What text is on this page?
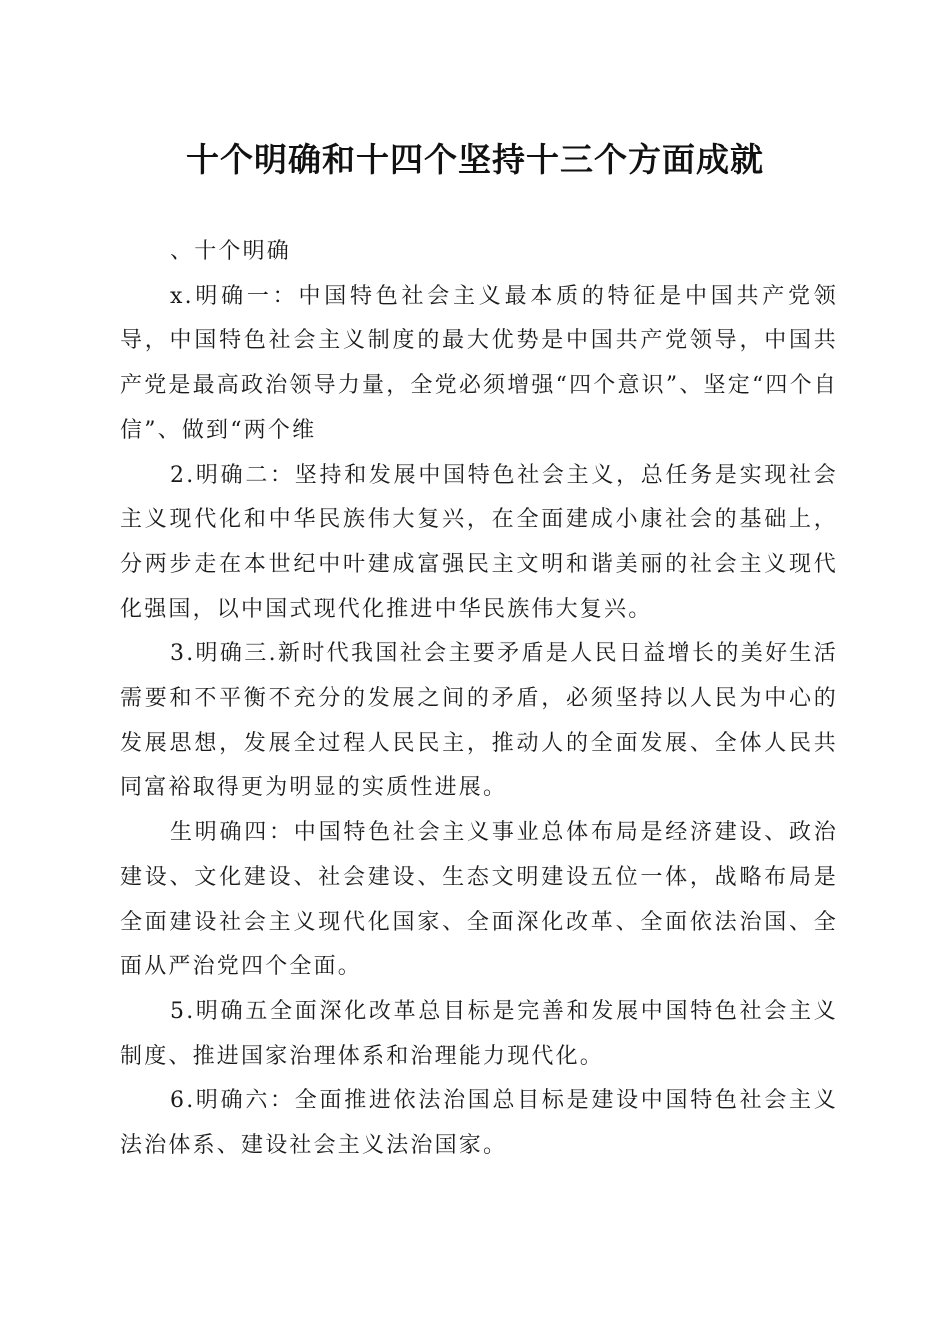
十个明确和十四个坚持十三个方面成就

、十个明确

x.明确一：中国特色社会主义最本质的特征是中国共产党领导，中国特色社会主义制度的最大优势是中国共产党领导，中国共产党是最高政治领导力量，全党必须增强“四个意识”、坚定“四个自信”、做到“两个维

2.明确二：坚持和发展中国特色社会主义，总任务是实现社会主义现代化和中华民族伟大复兴，在全面建成小康社会的基础上，分两步走在本世纪中叶建成富强民主文明和谐美丽的社会主义现代化强国，以中国式现代化推进中华民族伟大复兴。

3.明确三.新时代我国社会主要矛盾是人民日益增长的美好生活需要和不平衡不充分的发展之间的矛盾，必须坚持以人民为中心的发展思想，发展全过程人民民主，推动人的全面发展、全体人民共同富裕取得更为明显的实质性进展。

生明确四：中国特色社会主义事业总体布局是经济建设、政治建设、文化建设、社会建设、生态文明建设五位一体，战略布局是全面建设社会主义现代化国家、全面深化改革、全面依法治国、全面从严治党四个全面。

5.明确五全面深化改革总目标是完善和发展中国特色社会主义制度、推进国家治理体系和治理能力现代化。

6.明确六：全面推进依法治国总目标是建设中国特色社会主义法治体系、建设社会主义法治国家。
